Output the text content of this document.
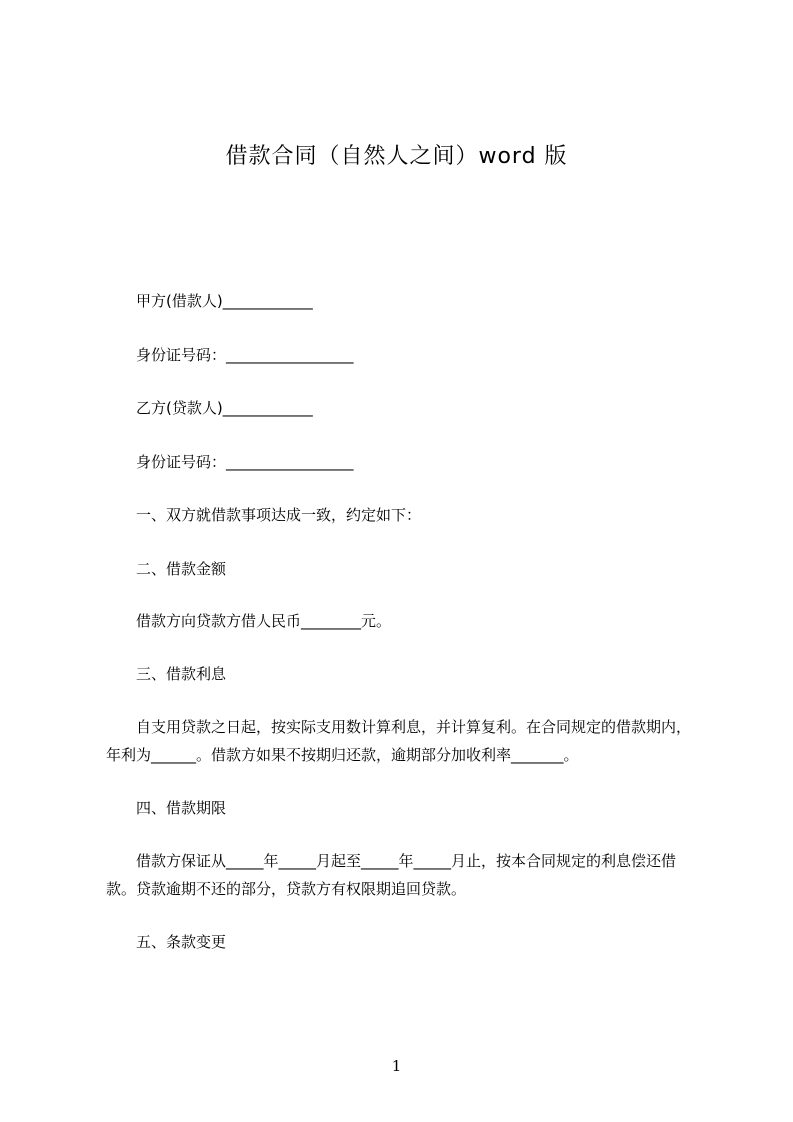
借款合同（自然人之间）word 版
甲方(借款人)____________
身份证号码：_________________
乙方(贷款人)____________
身份证号码：_________________
一、双方就借款事项达成一致，约定如下：
二、借款金额
借款方向贷款方借人民币________元。
三、借款利息
自支用贷款之日起，按实际支用数计算利息，并计算复利。在合同规定的借款期内，年利为______。借款方如果不按期归还款，逾期部分加收利率_______。
四、借款期限
借款方保证从_____年_____月起至_____年_____月止，按本合同规定的利息偿还借款。贷款逾期不还的部分，贷款方有权限期追回贷款。
五、条款变更
1
